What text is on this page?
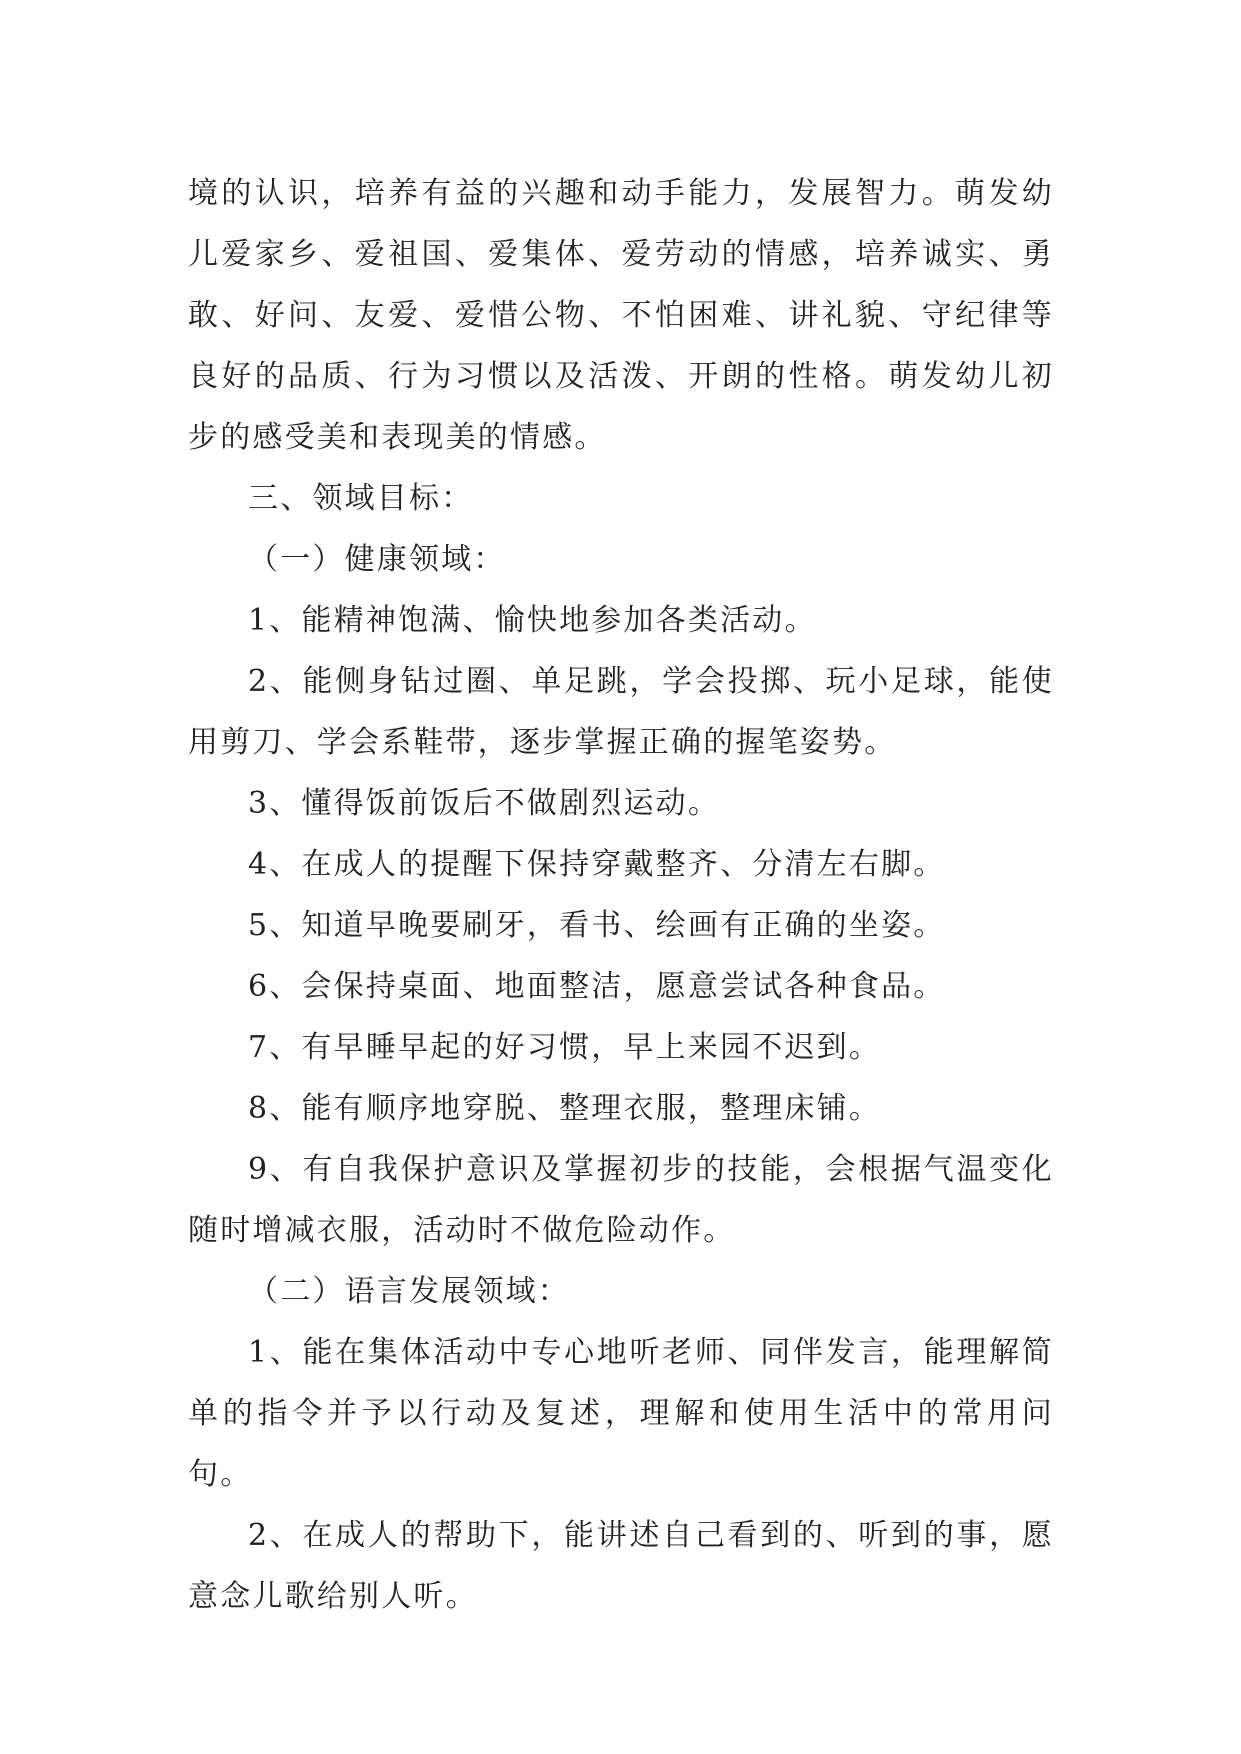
境的认识，培养有益的兴趣和动手能力，发展智力。萌发幼儿爱家乡、爱祖国、爱集体、爱劳动的情感，培养诚实、勇敢、好问、友爱、爱惜公物、不怕困难、讲礼貌、守纪律等良好的品质、行为习惯以及活泼、开朗的性格。萌发幼儿初步的感受美和表现美的情感。

三、领域目标：

（一）健康领域：

1、能精神饱满、愉快地参加各类活动。

2、能侧身钻过圈、单足跳，学会投掷、玩小足球，能使用剪刀、学会系鞋带，逐步掌握正确的握笔姿势。

3、懂得饭前饭后不做剧烈运动。

4、在成人的提醒下保持穿戴整齐、分清左右脚。

5、知道早晚要刷牙，看书、绘画有正确的坐姿。

6、会保持桌面、地面整洁，愿意尝试各种食品。

7、有早睡早起的好习惯，早上来园不迟到。

8、能有顺序地穿脱、整理衣服，整理床铺。

9、有自我保护意识及掌握初步的技能，会根据气温变化随时增减衣服，活动时不做危险动作。

（二）语言发展领域：

1、能在集体活动中专心地听老师、同伴发言，能理解简单的指令并予以行动及复述，理解和使用生活中的常用问句。

2、在成人的帮助下，能讲述自己看到的、听到的事，愿意念儿歌给别人听。
